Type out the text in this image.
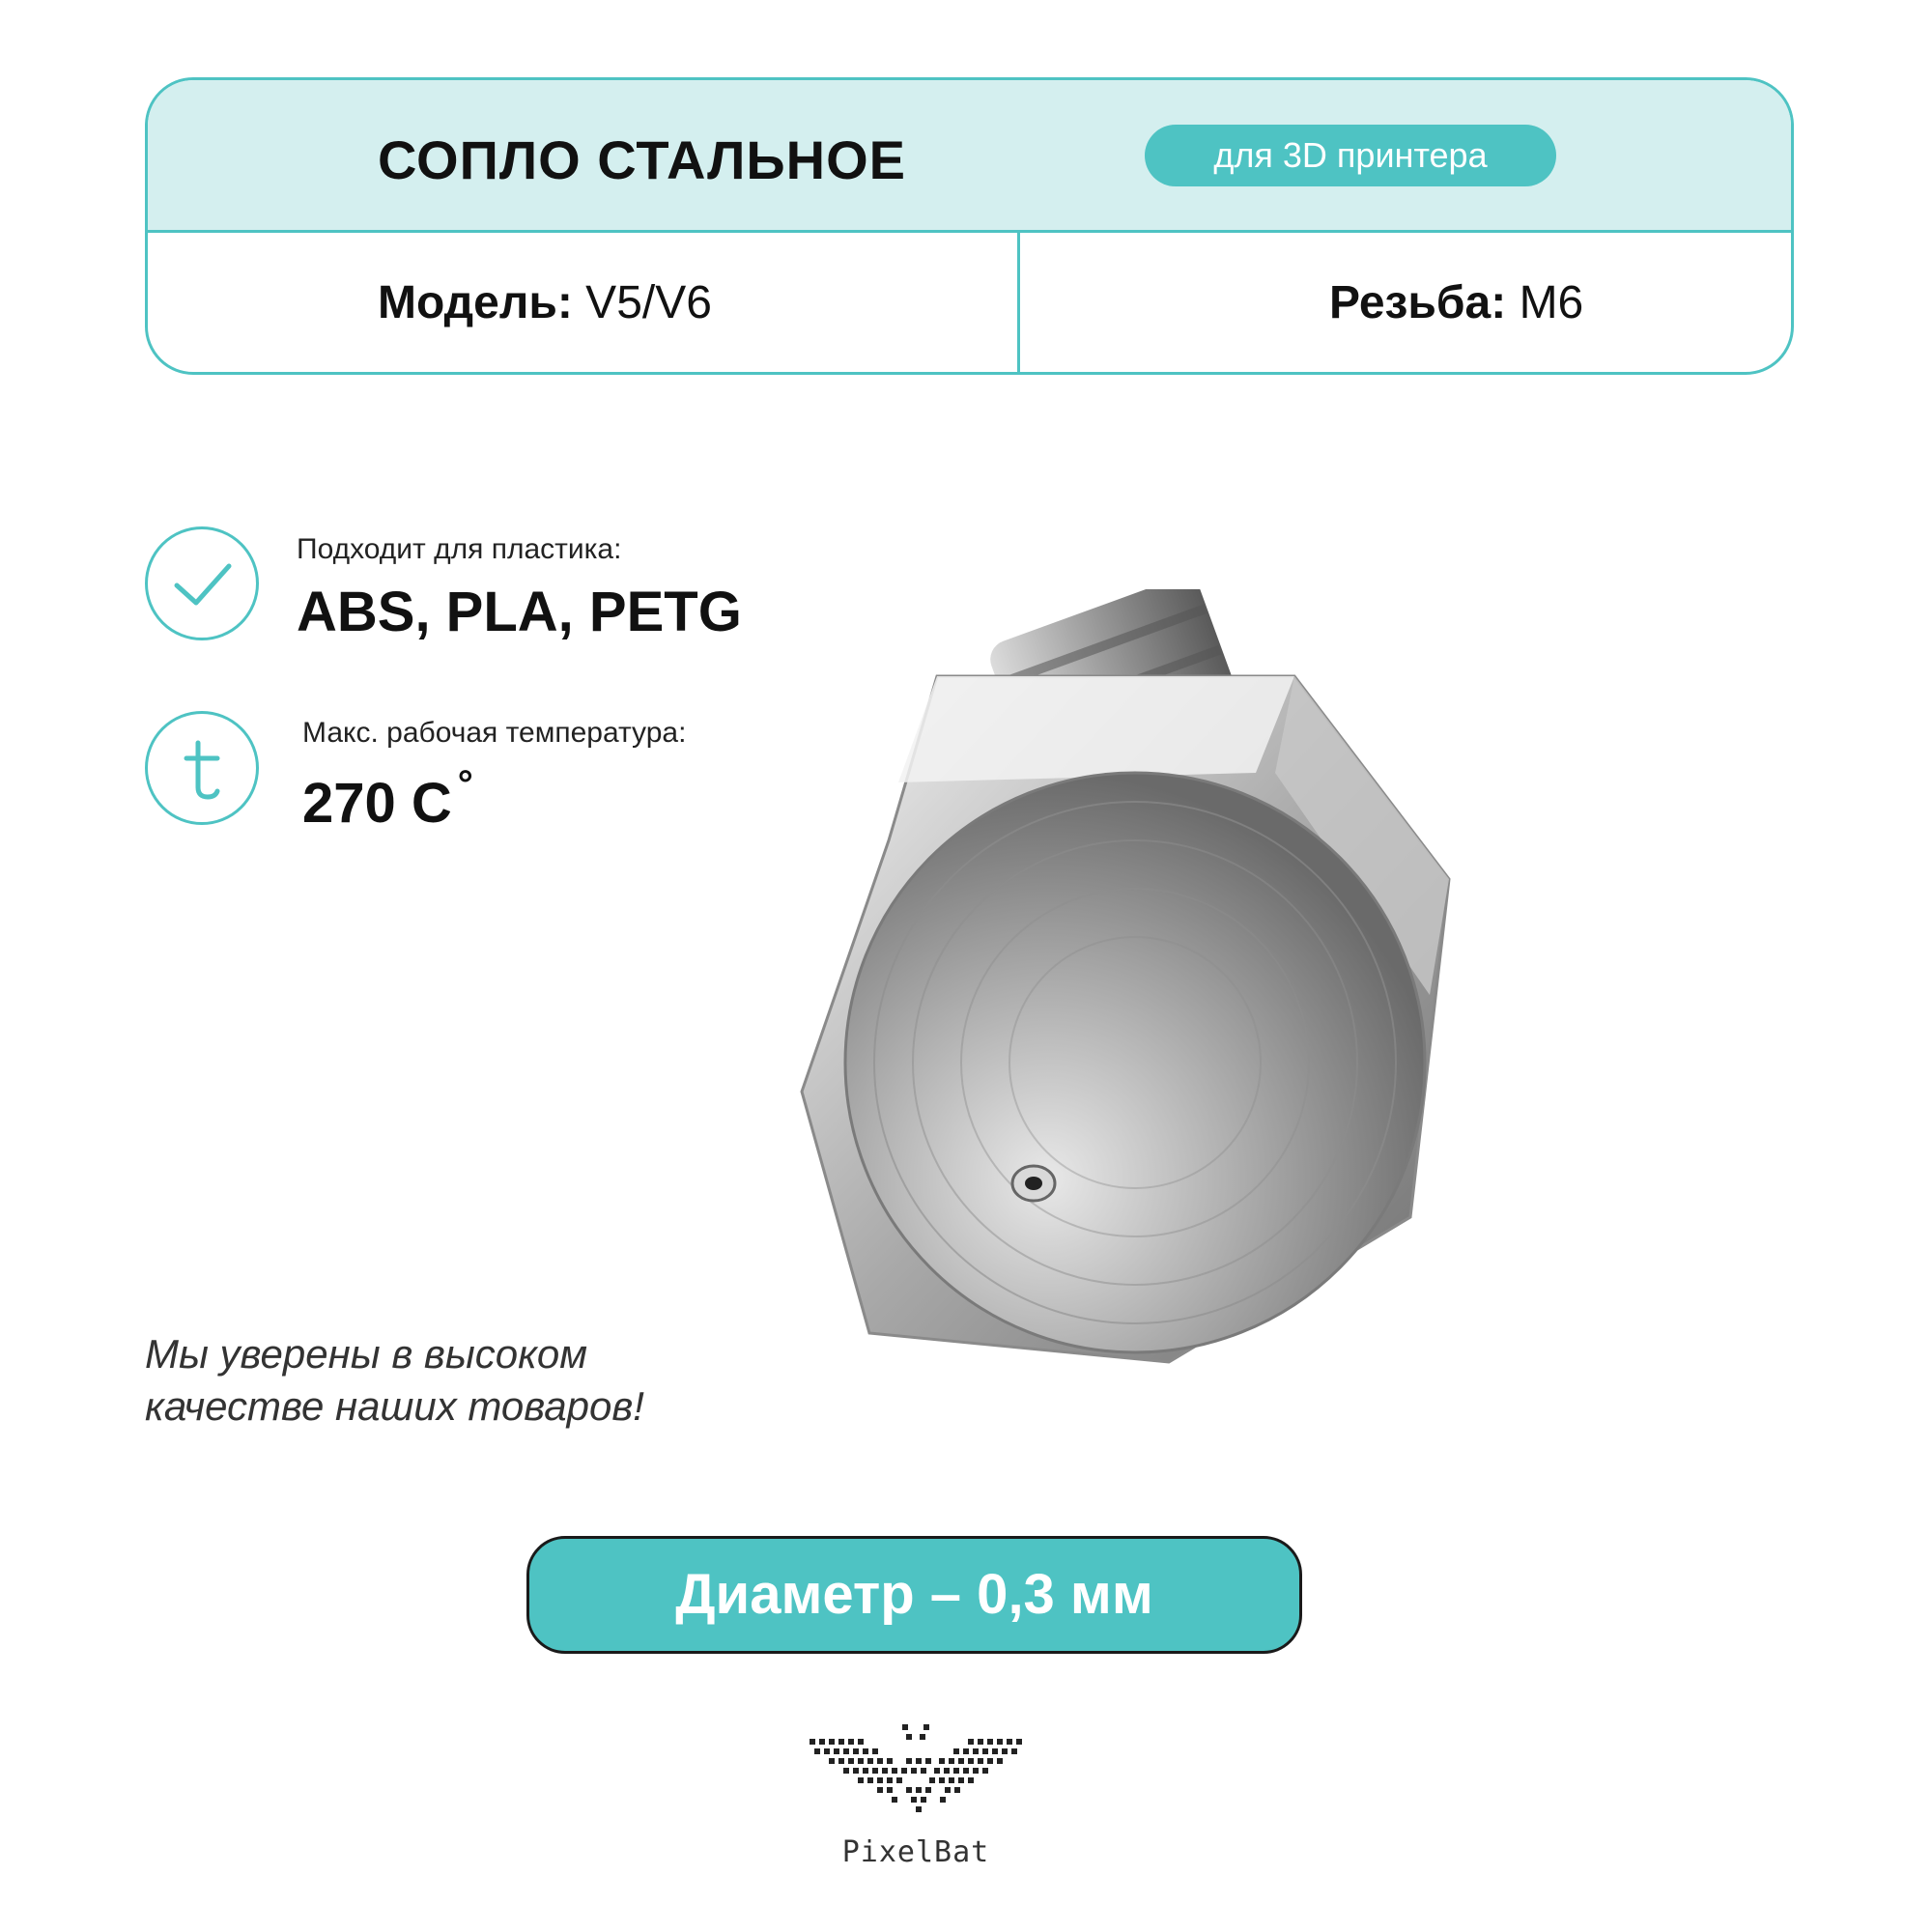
СОПЛО СТАЛЬНОЕ	для 3D принтера
Модель: V5/V6	Резьба: M6
Подходит для пластика:
ABS, PLA, PETG
Макс. рабочая температура:
270 C °
Мы уверены в высоком
качестве наших товаров!
Диаметр – 0,3 мм
PixelBat
